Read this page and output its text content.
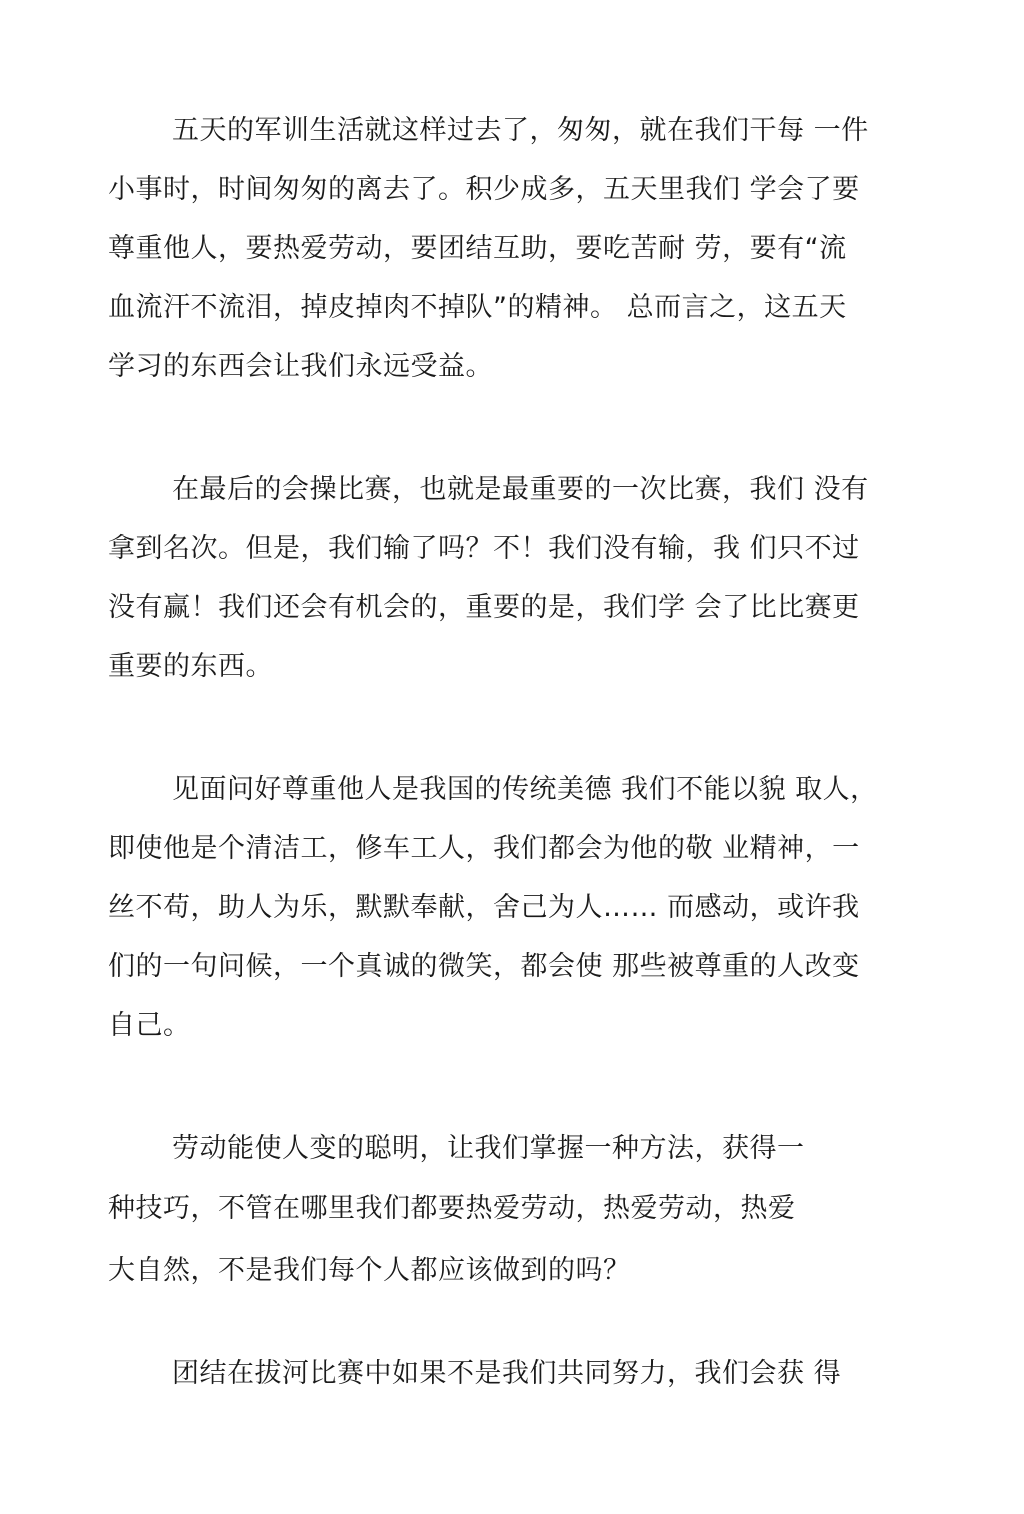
五天的军训生活就这样过去了，匆匆，就在我们干每 一件
小事时，时间匆匆的离去了。积少成多，五天里我们 学会了要
尊重他人，要热爱劳动，要团结互助，要吃苦耐 劳，要有“流
血流汗不流泪，掉皮掉肉不掉队”的精神。 总而言之，这五天
学习的东西会让我们永远受益。
在最后的会操比赛，也就是最重要的一次比赛，我们 没有
拿到名次。但是，我们输了吗？不！我们没有输，我 们只不过
没有赢！我们还会有机会的，重要的是，我们学 会了比比赛更
重要的东西。
见面问好尊重他人是我国的传统美德 我们不能以貌 取人，
即使他是个清洁工，修车工人，我们都会为他的敬 业精神，一
丝不苟，助人为乐，默默奉献，舍己为人…… 而感动，或许我
们的一句问候，一个真诚的微笑，都会使 那些被尊重的人改变
自己。
劳动能使人变的聪明，让我们掌握一种方法，获得一
种技巧，不管在哪里我们都要热爱劳动，热爱劳动，热爱
大自然，不是我们每个人都应该做到的吗？
团结在拔河比赛中如果不是我们共同努力，我们会获 得
